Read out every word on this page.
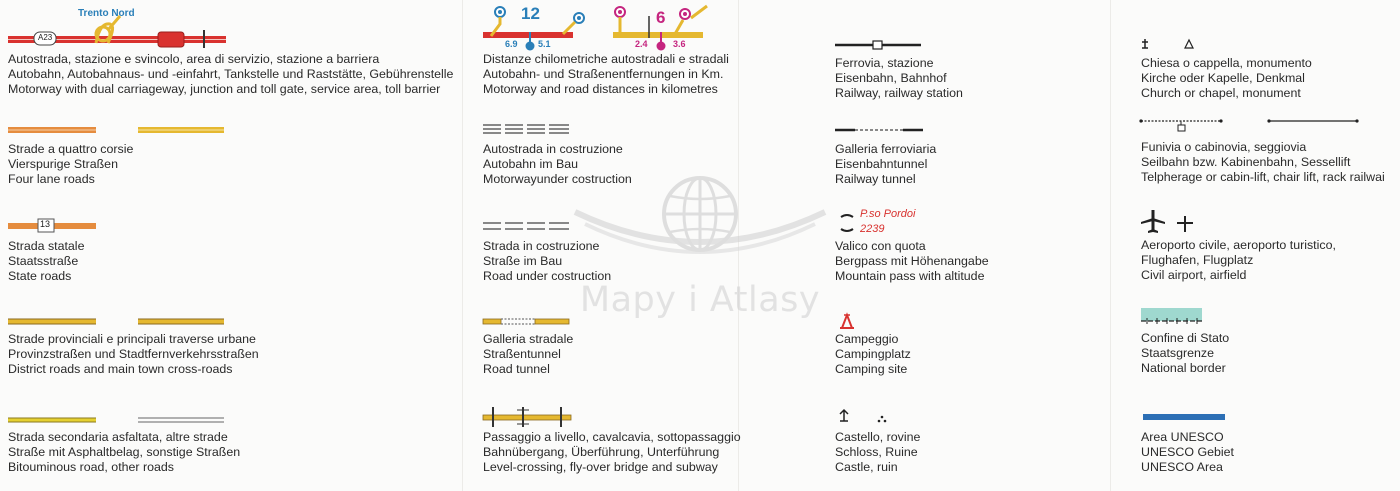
Mapy i Atlasy
A23
Trento Nord
Autostrada, stazione e svincolo, area di servizio, stazione a barriera
Autobahn, Autobahnaus- und -einfahrt, Tankstelle und Raststätte, Gebührenstelle
Motorway with dual carriageway, junction and toll gate, service area, toll barrier
Strade a quattro corsie
Vierspurige Straßen
Four lane roads
13
Strada statale
Staatsstraße
State roads
Strade provinciali e principali traverse urbane
Provinzstraßen und Stadtfernverkehrsstraßen
District roads and main town cross-roads
Strada secondaria asfaltata, altre strade
Straße mit Asphaltbelag, sonstige Straßen
Bitouminous road, other roads
12
6.9 5.1
6
2.4	3.6
Distanze chilometriche autostradali e stradali
Autobahn- und Straßenentfernungen in Km.
Motorway and road distances in kilometres
Autostrada in costruzione
Autobahn im Bau
Motorwayunder costruction
Strada in costruzione
Straße im Bau
Road under costruction
Galleria stradale
Straßentunnel
Road tunnel
Passaggio a livello, cavalcavia, sottopassaggio
Bahnübergang, Überführung, Unterführung
Level-crossing, fly-over bridge and subway
Ferrovia, stazione
Eisenbahn, Bahnhof
Railway, railway station
Galleria ferroviaria
Eisenbahntunnel
Railway tunnel
P.so Pordoi
2239
Valico con quota
Bergpass mit Höhenangabe
Mountain pass with altitude
Campeggio
Campingplatz
Camping site
Castello, rovine
Schloss, Ruine
Castle, ruin
Chiesa o cappella, monumento
Kirche oder Kapelle, Denkmal
Church or chapel, monument
Funivia o cabinovia, seggiovia
Seilbahn bzw. Kabinenbahn, Sessellift
Telpherage or cabin-lift, chair lift, rack railwai
Aeroporto civile, aeroporto turistico,
Flughafen, Flugplatz
Civil airport, airfield
Confine di Stato
Staatsgrenze
National border
Area UNESCO
UNESCO Gebiet
UNESCO Area
